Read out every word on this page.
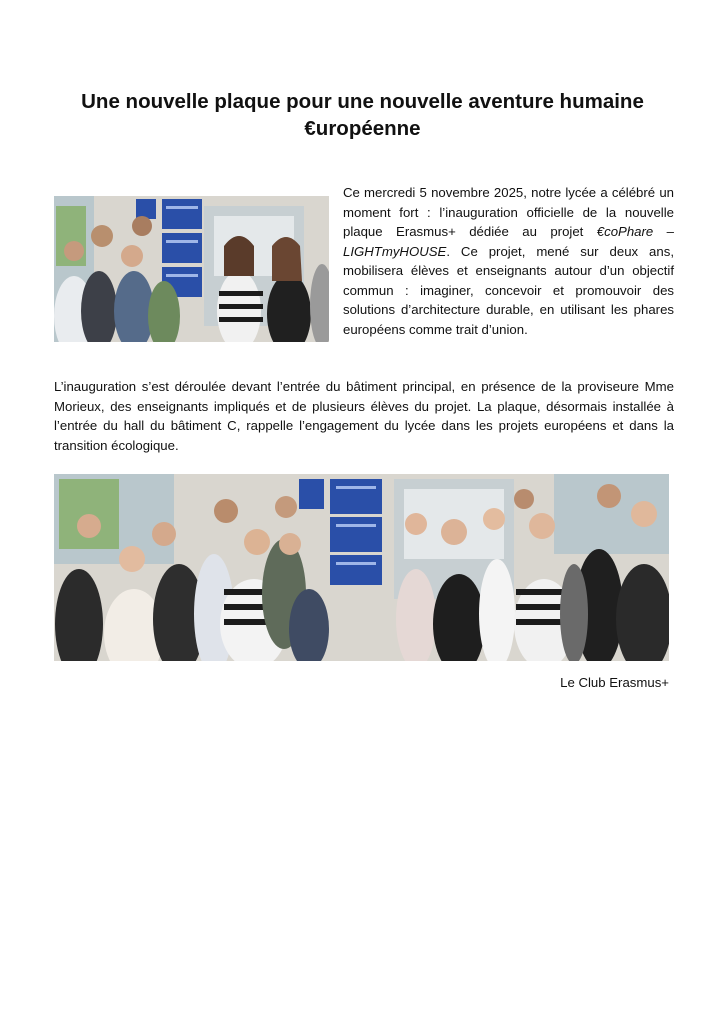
Une nouvelle plaque pour une nouvelle aventure humaine
€uropéenne

Ce mercredi 5 novembre 2025, notre lycée a célébré un moment fort : l’inauguration officielle de la nouvelle plaque Erasmus+ dédiée au projet €coPhare – LIGHTmyHOUSE. Ce projet, mené sur deux ans, mobilisera élèves et enseignants autour d’un objectif commun : imaginer, concevoir et promouvoir des solutions d’architecture durable, en utilisant les phares européens comme trait d’union.

L’inauguration s’est déroulée devant l’entrée du bâtiment principal, en présence de la proviseure Mme Morieux, des enseignants impliqués et de plusieurs élèves du projet. La plaque, désormais installée à l’entrée du hall du bâtiment C, rappelle l’engagement du lycée dans les projets européens et dans la transition écologique.

Le Club Erasmus+
